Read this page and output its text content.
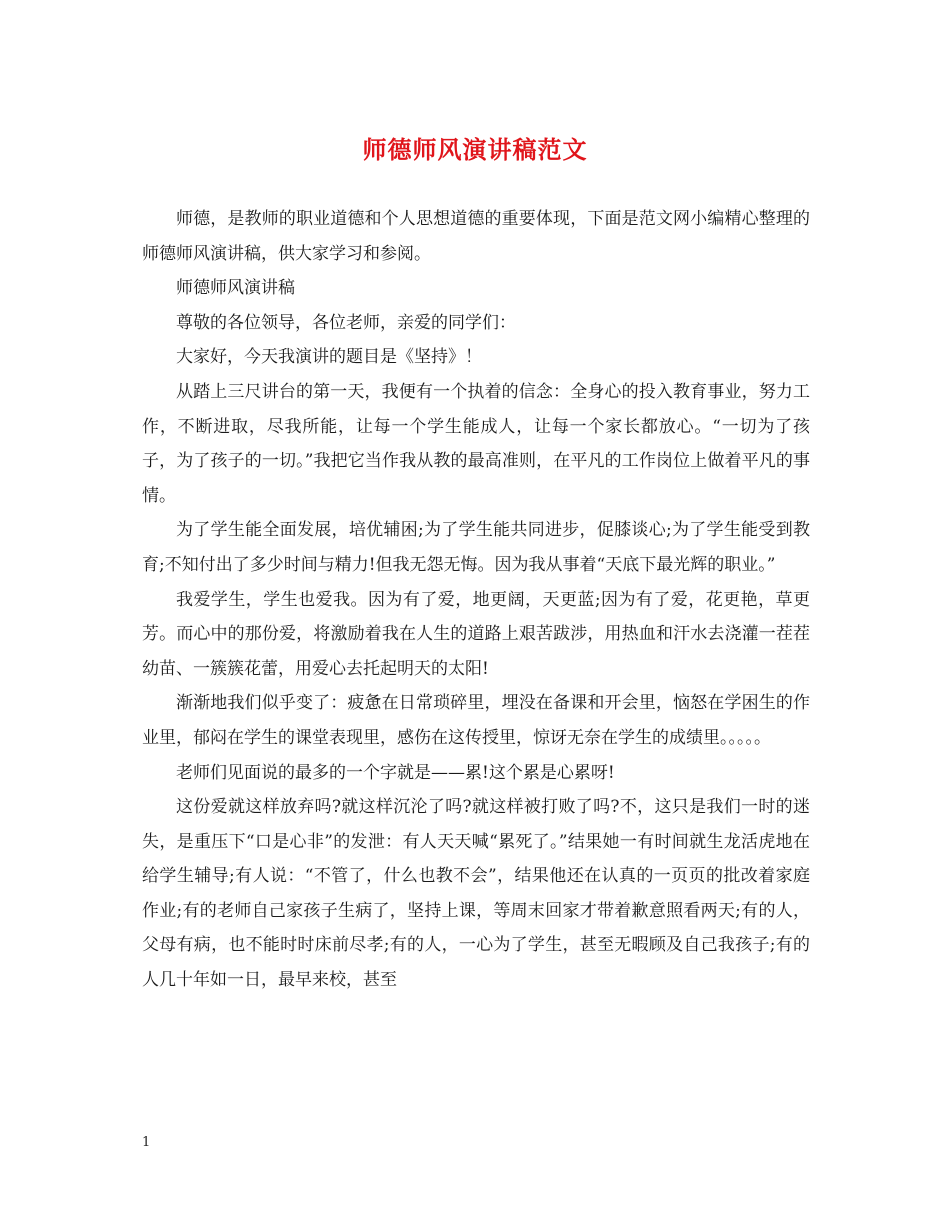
师德师风演讲稿范文

师德，是教师的职业道德和个人思想道德的重要体现，下面是范文网小编精心整理的师德师风演讲稿，供大家学习和参阅。

师德师风演讲稿

尊敬的各位领导，各位老师，亲爱的同学们：

大家好，今天我演讲的题目是《坚持》！

从踏上三尺讲台的第一天，我便有一个执着的信念：全身心的投入教育事业，努力工作，不断进取，尽我所能，让每一个学生能成人，让每一个家长都放心。“一切为了孩子，为了孩子的一切。”我把它当作我从教的最高准则，在平凡的工作岗位上做着平凡的事情。

为了学生能全面发展，培优辅困;为了学生能共同进步，促膝谈心;为了学生能受到教育;不知付出了多少时间与精力!但我无怨无悔。因为我从事着“天底下最光辉的职业。”

我爱学生，学生也爱我。因为有了爱，地更阔，天更蓝;因为有了爱，花更艳，草更芳。而心中的那份爱，将激励着我在人生的道路上艰苦跋涉，用热血和汗水去浇灌一茬茬幼苗、一簇簇花蕾，用爱心去托起明天的太阳!

渐渐地我们似乎变了：疲惫在日常琐碎里，埋没在备课和开会里，恼怒在学困生的作业里，郁闷在学生的课堂表现里，感伤在这传授里，惊讶无奈在学生的成绩里。。。。。

老师们见面说的最多的一个字就是——累!这个累是心累呀!

这份爱就这样放弃吗?就这样沉沦了吗?就这样被打败了吗?不，这只是我们一时的迷失，是重压下“口是心非”的发泄：有人天天喊“累死了。”结果她一有时间就生龙活虎地在给学生辅导;有人说：“不管了，什么也教不会”，结果他还在认真的一页页的批改着家庭作业;有的老师自己家孩子生病了，坚持上课，等周末回家才带着歉意照看两天;有的人，父母有病，也不能时时床前尽孝;有的人，一心为了学生，甚至无暇顾及自己我孩子;有的人几十年如一日，最早来校，甚至

1
